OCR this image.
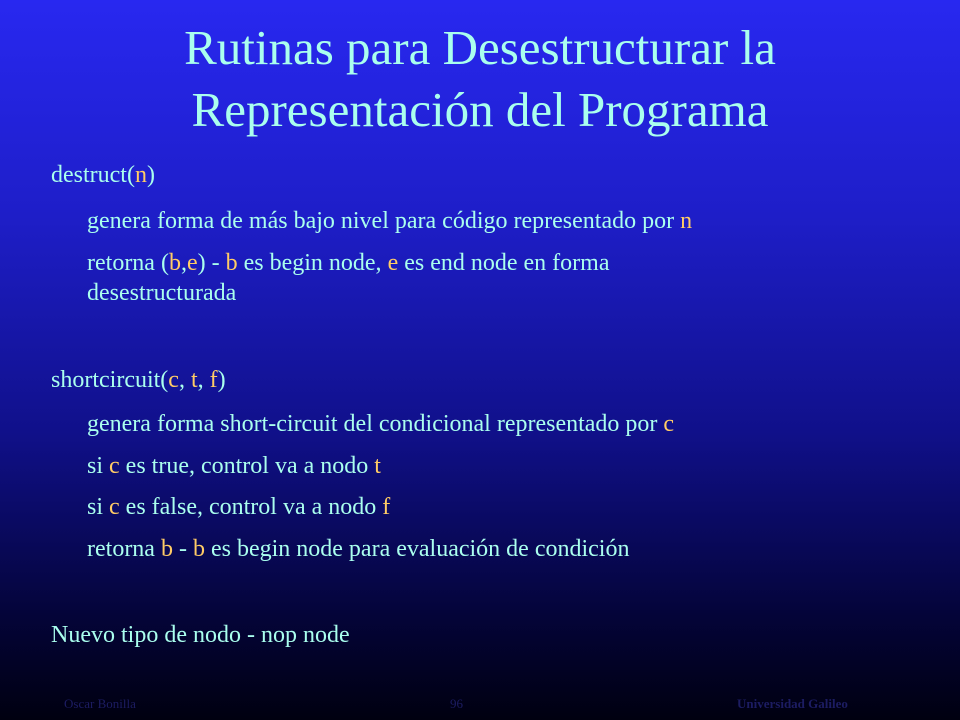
Rutinas para Desestructurar la
Representación del Programa
destruct(n)
genera forma de más bajo nivel para código representado por n
retorna (b,e) - b es begin node, e es end node en forma
desestructurada
shortcircuit(c, t, f)
genera forma short-circuit del condicional representado por c
si c es true, control va a nodo t
si c es false, control va a nodo f
retorna b - b es begin node para evaluación de condición
Nuevo tipo de nodo - nop node
Oscar Bonilla	96	Universidad Galileo
